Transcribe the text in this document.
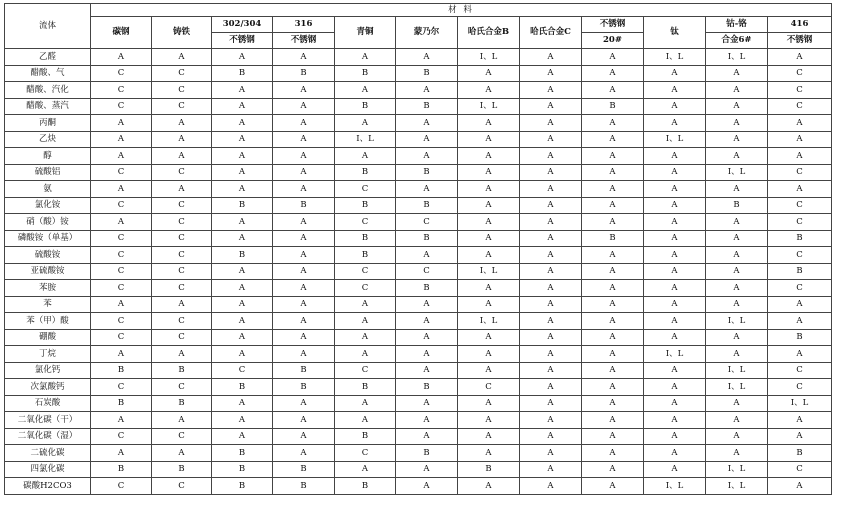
流体	材 料											
	碳钢	铸铁	302/304	316	青铜	蒙乃尔	哈氏合金B	哈氏合金C	不锈钢	钛	钴-铬	416
			不锈钢	不锈钢					20#		合金6#	不锈钢
乙醛	A	A	A	A	A	A	I、L	A	A	I、L	I、L	A
醋酸、气	C	C	B	B	B	B	A	A	A	A	A	C
醋酸、汽化	C	C	A	A	A	A	A	A	A	A	A	C
醋酸、蒸汽	C	C	A	A	B	B	I、L	A	B	A	A	C
丙酮	A	A	A	A	A	A	A	A	A	A	A	A
乙炔	A	A	A	A	I、L	A	A	A	A	I、L	A	A
醇	A	A	A	A	A	A	A	A	A	A	A	A
硫酸铝	C	C	A	A	B	B	A	A	A	A	I、L	C
氨	A	A	A	A	C	A	A	A	A	A	A	A
氯化铵	C	C	B	B	B	B	A	A	A	A	B	C
硝（酸）铵	A	C	A	A	C	C	A	A	A	A	A	C
磷酸铵（单基）	C	C	A	A	B	B	A	A	B	A	A	B
硫酸铵	C	C	B	A	B	A	A	A	A	A	A	C
亚硫酸铵	C	C	A	A	C	C	I、L	A	A	A	A	B
苯胺	C	C	A	A	C	B	A	A	A	A	A	C
苯	A	A	A	A	A	A	A	A	A	A	A	A
苯（甲）酸	C	C	A	A	A	A	I、L	A	A	A	I、L	A
硼酸	C	C	A	A	A	A	A	A	A	A	A	B
丁烷	A	A	A	A	A	A	A	A	A	I、L	A	A
氯化钙	B	B	C	B	C	A	A	A	A	A	I、L	C
次氯酸钙	C	C	B	B	B	B	C	A	A	A	I、L	C
石炭酸	B	B	A	A	A	A	A	A	A	A	A	I、L
二氧化碳（干）	A	A	A	A	A	A	A	A	A	A	A	A
二氧化碳（湿）	C	C	A	A	B	A	A	A	A	A	A	A
二硫化碳	A	A	B	A	C	B	A	A	A	A	A	B
四氯化碳	B	B	B	B	A	A	B	A	A	A	I、L	C
碳酸H2CO3	C	C	B	B	B	A	A	A	A	I、L	I、L	A
